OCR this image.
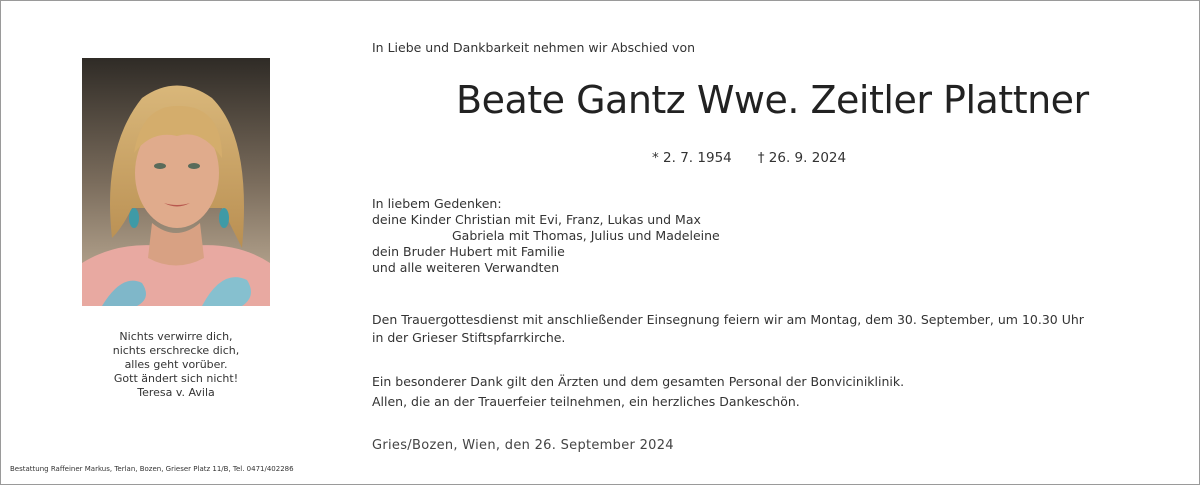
Nichts verwirre dich,
nichts erschrecke dich,
alles geht vorüber.
Gott ändert sich nicht!
Teresa v. Avila
In Liebe und Dankbarkeit nehmen wir Abschied von
Beate Gantz Wwe. Zeitler Plattner
* 2. 7. 1954 † 26. 9. 2024
In liebem Gedenken:
deine Kinder Christian mit Evi, Franz, Lukas und Max
Gabriela mit Thomas, Julius und Madeleine
dein Bruder Hubert mit Familie
und alle weiteren Verwandten
Den Trauergottesdienst mit anschließender Einsegnung feiern wir am Montag, dem 30. September, um 10.30 Uhr
in der Grieser Stiftspfarrkirche.
Ein besonderer Dank gilt den Ärzten und dem gesamten Personal der Bonviciniklinik.
Allen, die an der Trauerfeier teilnehmen, ein herzliches Dankeschön.
Gries/Bozen, Wien, den 26. September 2024
Bestattung Raffeiner Markus, Terlan, Bozen, Grieser Platz 11/B, Tel. 0471/402286
